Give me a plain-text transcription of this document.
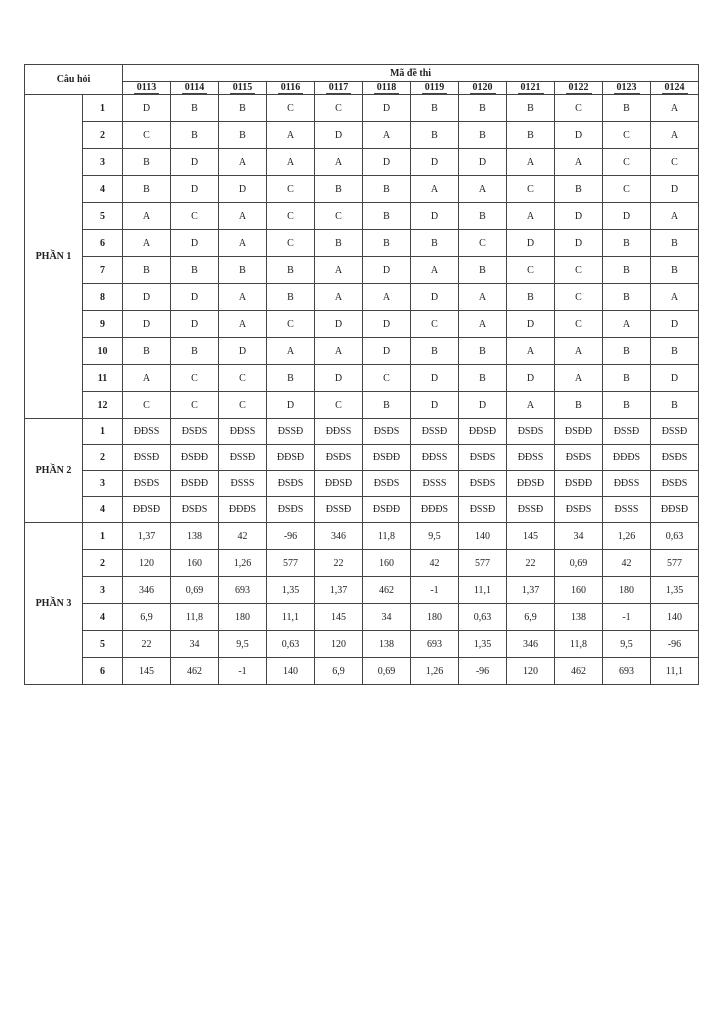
Câu hỏi		Mã đề thi											
		0113	0114	0115	0116	0117	0118	0119	0120	0121	0122	0123	0124
PHẦN 1	1	D	B	B	C	C	D	B	B	B	C	B	A
	2	C	B	B	A	D	A	B	B	B	D	C	A
	3	B	D	A	A	A	D	D	D	A	A	C	C
	4	B	D	D	C	B	B	A	A	C	B	C	D
	5	A	C	A	C	C	B	D	B	A	D	D	A
	6	A	D	A	C	B	B	B	C	D	D	B	B
	7	B	B	B	B	A	D	A	B	C	C	B	B
	8	D	D	A	B	A	A	D	A	B	C	B	A
	9	D	D	A	C	D	D	C	A	D	C	A	D
	10	B	B	D	A	A	D	B	B	A	A	B	B
	11	A	C	C	B	D	C	D	B	D	A	B	D
	12	C	C	C	D	C	B	D	D	A	B	B	B
PHẦN 2	1	ĐĐSS	ĐSĐS	ĐĐSS	ĐSSĐ	ĐĐSS	ĐSĐS	ĐSSĐ	ĐĐSĐ	ĐSĐS	ĐSĐĐ	ĐSSĐ	ĐSSĐ
	2	ĐSSĐ	ĐSĐĐ	ĐSSĐ	ĐĐSĐ	ĐSĐS	ĐSĐĐ	ĐĐSS	ĐSĐS	ĐĐSS	ĐSĐS	ĐĐĐS	ĐSĐS
	3	ĐSĐS	ĐSĐĐ	ĐSSS	ĐSĐS	ĐĐSĐ	ĐSĐS	ĐSSS	ĐSĐS	ĐĐSĐ	ĐSĐĐ	ĐĐSS	ĐSĐS
	4	ĐĐSĐ	ĐSĐS	ĐĐĐS	ĐSĐS	ĐSSĐ	ĐSĐĐ	ĐĐĐS	ĐSSĐ	ĐSSĐ	ĐSĐS	ĐSSS	ĐĐSĐ
PHẦN 3	1	1,37	138	42	-96	346	11,8	9,5	140	145	34	1,26	0,63
	2	120	160	1,26	577	22	160	42	577	22	0,69	42	577
	3	346	0,69	693	1,35	1,37	462	-1	11,1	1,37	160	180	1,35
	4	6,9	11,8	180	11,1	145	34	180	0,63	6,9	138	-1	140
	5	22	34	9,5	0,63	120	138	693	1,35	346	11,8	9,5	-96
	6	145	462	-1	140	6,9	0,69	1,26	-96	120	462	693	11,1
